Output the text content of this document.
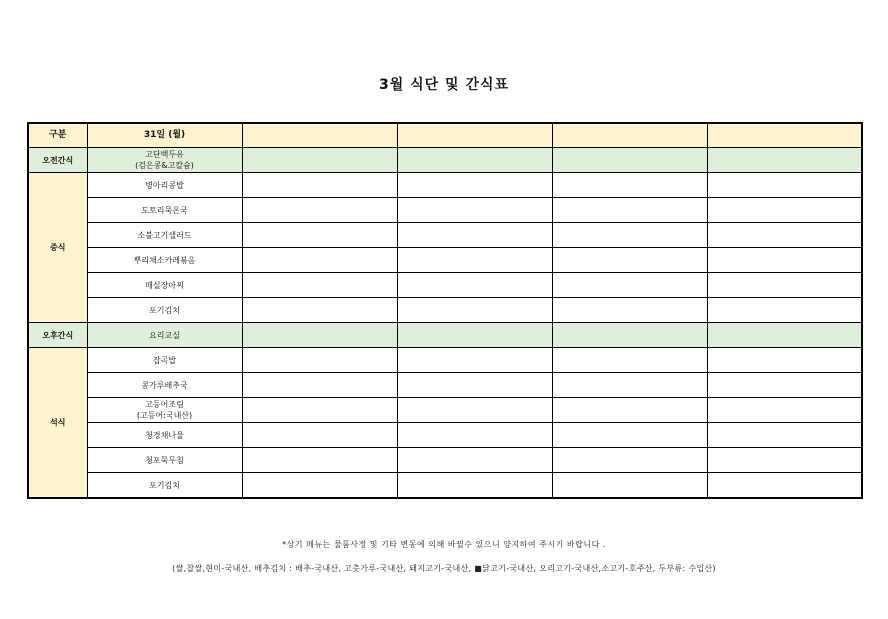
3월 식단 및 간식표
구분	31일 (월)				
오전간식	고단백두유
(검은콩&고칼슘)				

중식	병아리콩밥				
	도토리묵온국				
	소불고기샐러드				
	뿌리채소카레볶음				
	매실장아찌				
	포기김치				
오후간식	요리교실				
석식	잡곡밥				
	콩가루배추국				

	고등어조림
(고등어:국내산)				

	청경채나물				
	청포묵무침				
	포기김치				
*상기 메뉴는 물품사정 및 기타 변동에 의해 바뀔수 있으니 양지하여 주시기 바랍니다 .
(쌀,찹쌀,현미-국내산, 배추김치 : 배추-국내산, 고춧가루-국내산, 돼지고기-국내산, ■닭고기-국내산, 오리고기-국내산,소고기-호주산, 두부류: 수입산)
